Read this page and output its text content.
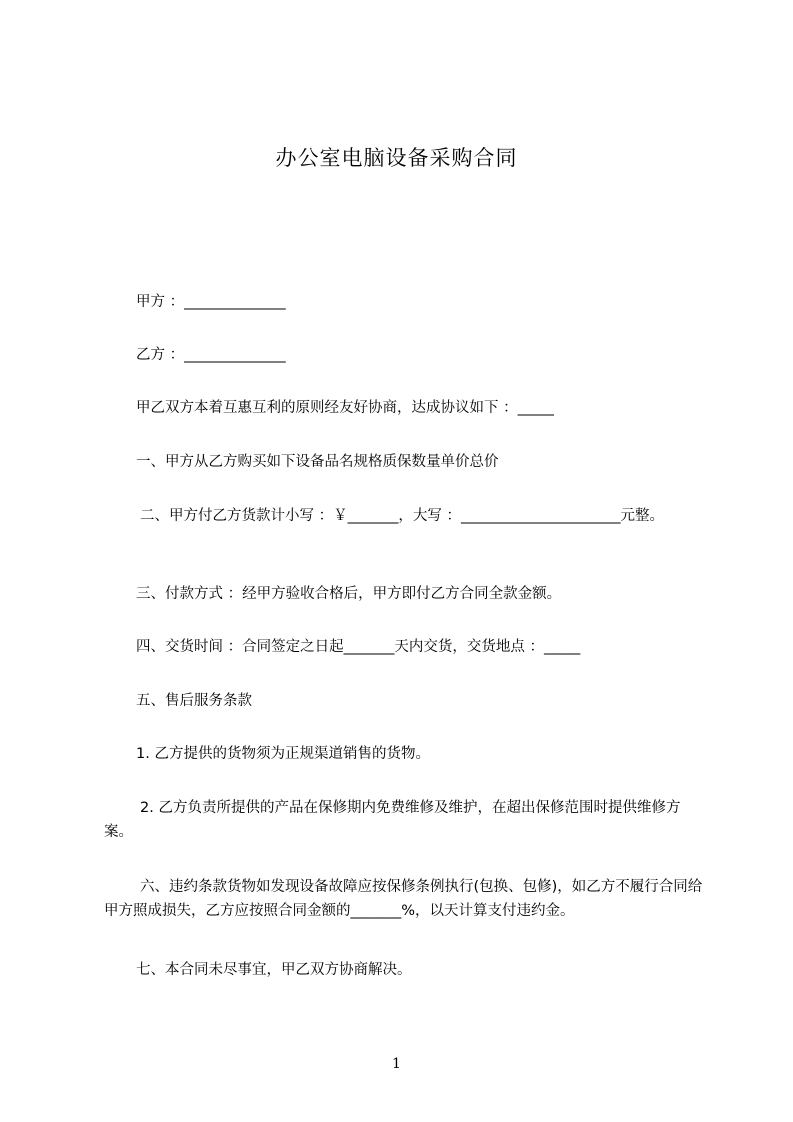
办公室电脑设备采购合同

甲方 ：______________

乙方 ：______________

甲乙双方本着互惠互利的原则经友好协商，达成协议如下 ：_____

一、甲方从乙方购买如下设备品名规格质保数量单价总价

二、甲方付乙方货款计小写 ：￥_______，大写 ：______________________元整。

三、付款方式 ：经甲方验收合格后，甲方即付乙方合同全款金额。

四、交货时间 ：合同签定之日起_______天内交货，交货地点 ：_____

五、售后服务条款

1. 乙方提供的货物须为正规渠道销售的货物。

2. 乙方负责所提供的产品在保修期内免费维修及维护，在超出保修范围时提供维修方案。

六、违约条款货物如发现设备故障应按保修条例执行(包换、包修)，如乙方不履行合同给甲方照成损失，乙方应按照合同金额的_______%，以天计算支付违约金。

七、本合同未尽事宜，甲乙双方协商解决。

1
